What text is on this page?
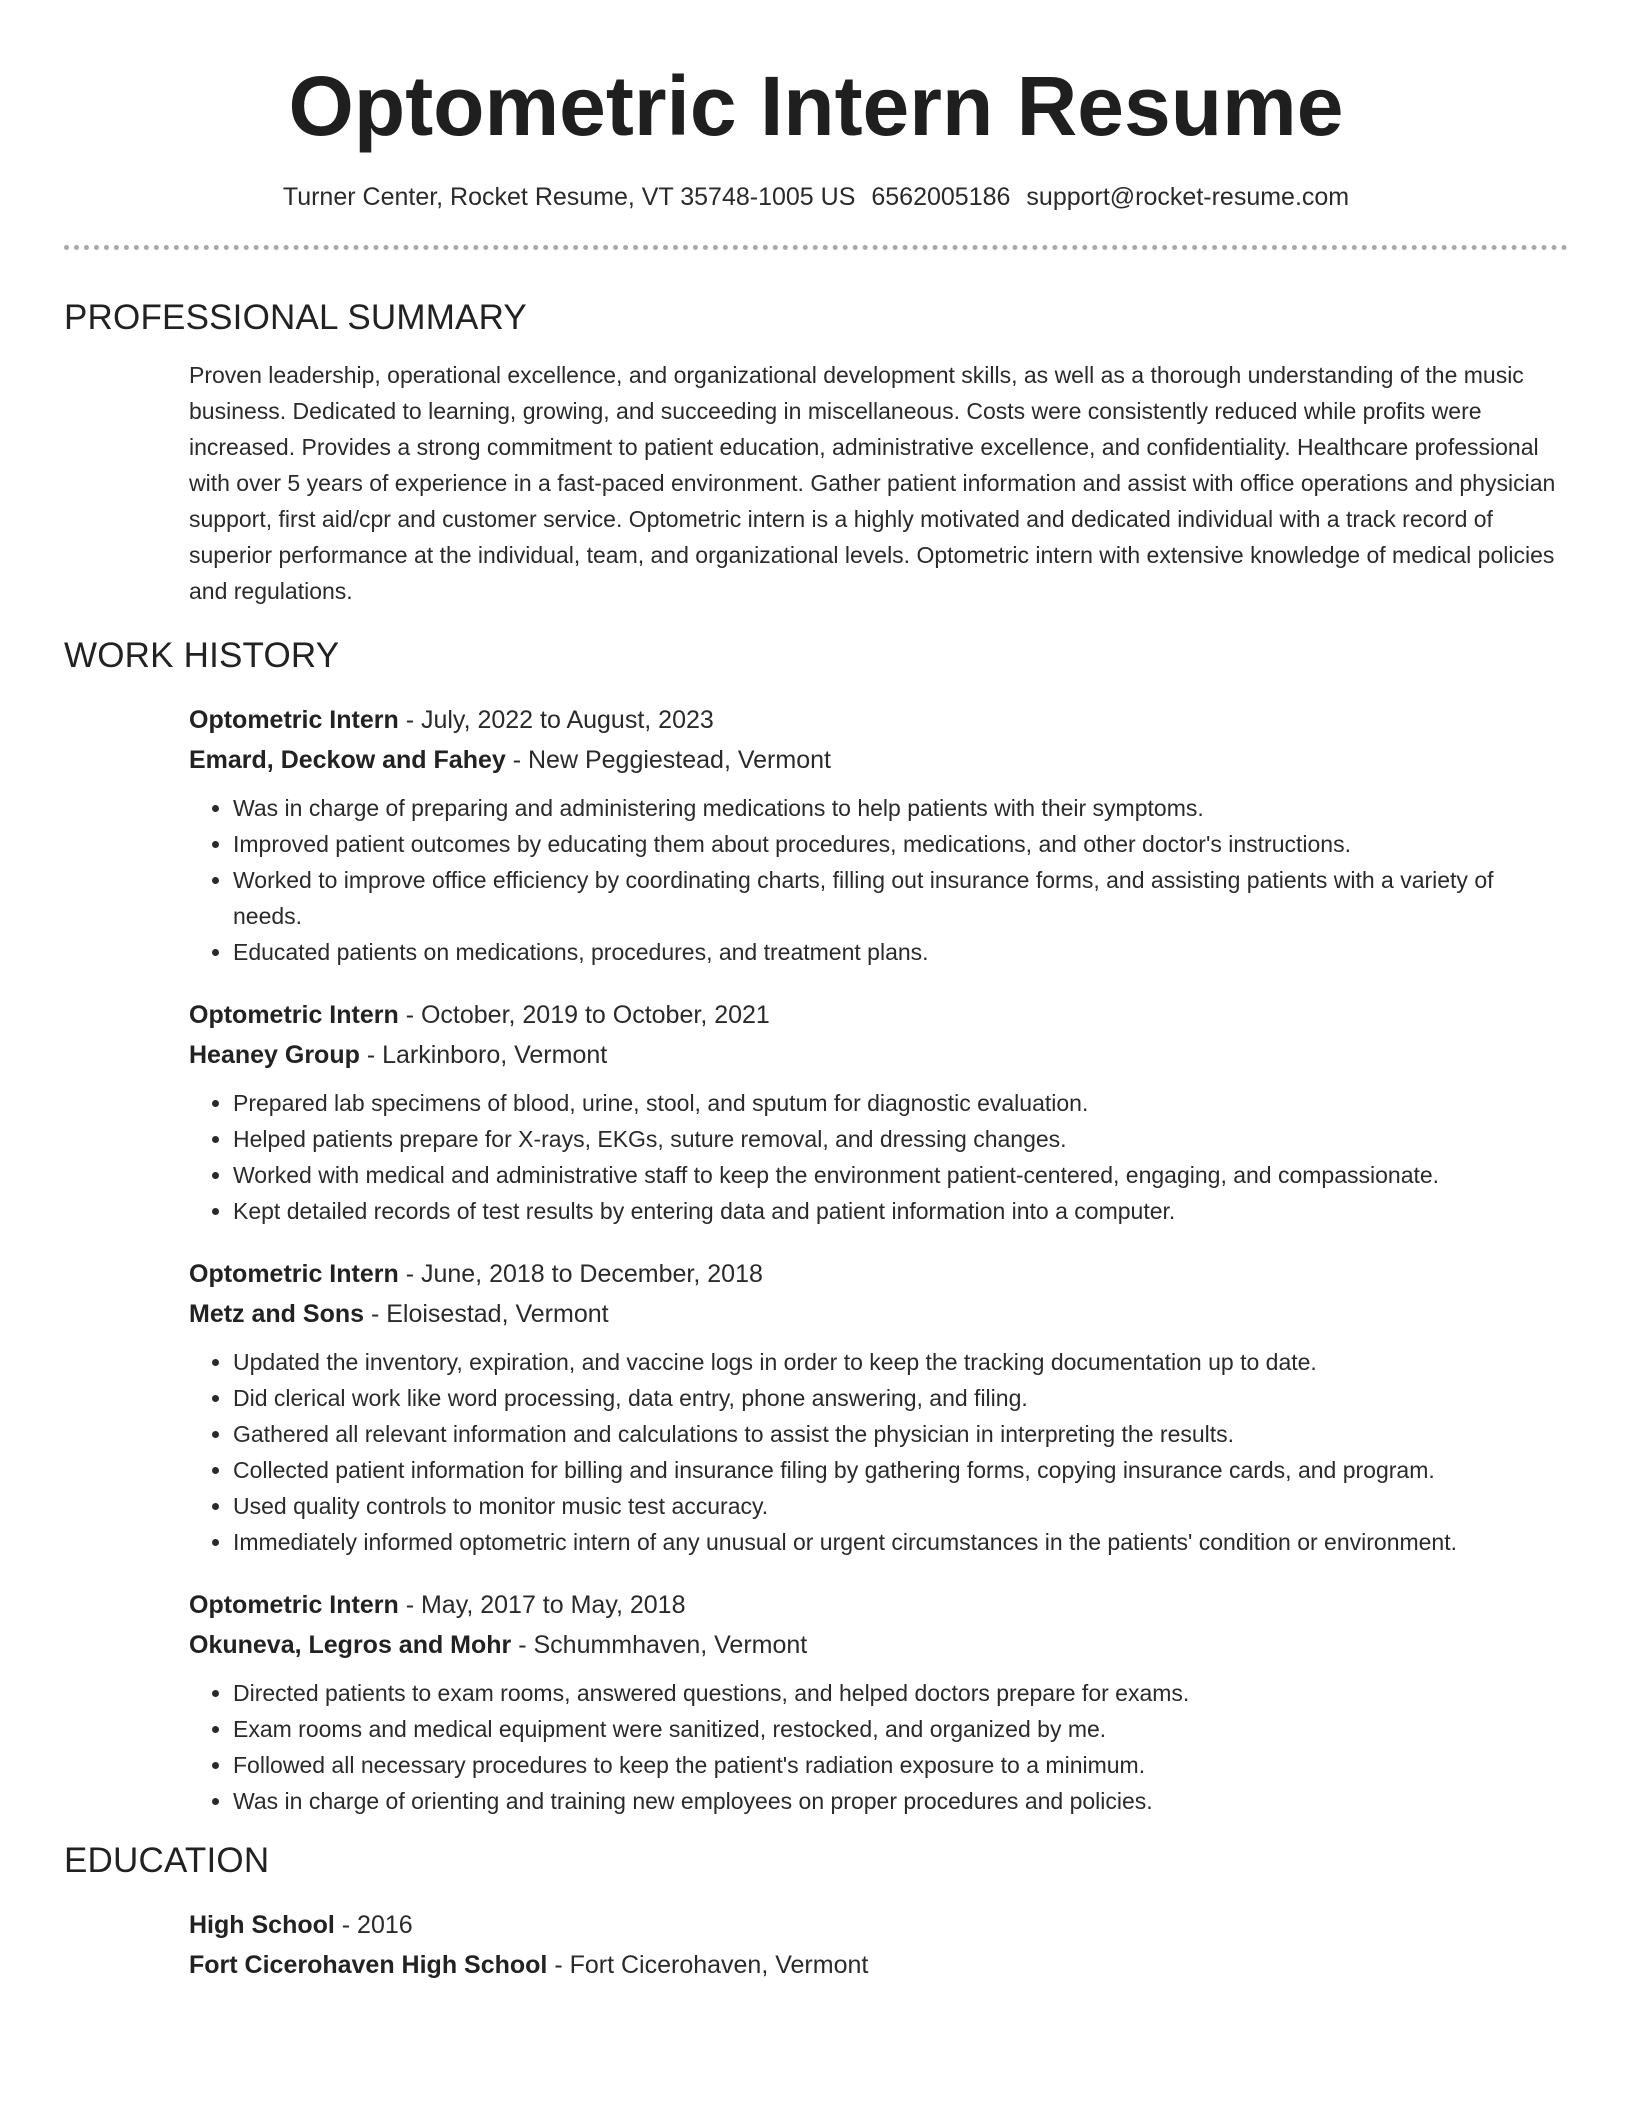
Optometric Intern Resume
Turner Center, Rocket Resume, VT 35748-1005 US 6562005186 support@rocket-resume.com
PROFESSIONAL SUMMARY

Proven leadership, operational excellence, and organizational development skills, as well as a thorough understanding of the music business. Dedicated to learning, growing, and succeeding in miscellaneous. Costs were consistently reduced while profits were increased. Provides a strong commitment to patient education, administrative excellence, and confidentiality. Healthcare professional with over 5 years of experience in a fast-paced environment. Gather patient information and assist with office operations and physician support, first aid/cpr and customer service. Optometric intern is a highly motivated and dedicated individual with a track record of superior performance at the individual, team, and organizational levels. Optometric intern with extensive knowledge of medical policies and regulations.

WORK HISTORY
Optometric Intern - July, 2022 to August, 2023
Emard, Deckow and Fahey - New Peggiestead, Vermont
• Was in charge of preparing and administering medications to help patients with their symptoms.
• Improved patient outcomes by educating them about procedures, medications, and other doctor's instructions.
• Worked to improve office efficiency by coordinating charts, filling out insurance forms, and assisting patients with a variety of needs.
• Educated patients on medications, procedures, and treatment plans.
Optometric Intern - October, 2019 to October, 2021
Heaney Group - Larkinboro, Vermont
• Prepared lab specimens of blood, urine, stool, and sputum for diagnostic evaluation.
• Helped patients prepare for X-rays, EKGs, suture removal, and dressing changes.
• Worked with medical and administrative staff to keep the environment patient-centered, engaging, and compassionate.
• Kept detailed records of test results by entering data and patient information into a computer.
Optometric Intern - June, 2018 to December, 2018
Metz and Sons - Eloisestad, Vermont
• Updated the inventory, expiration, and vaccine logs in order to keep the tracking documentation up to date.
• Did clerical work like word processing, data entry, phone answering, and filing.
• Gathered all relevant information and calculations to assist the physician in interpreting the results.
• Collected patient information for billing and insurance filing by gathering forms, copying insurance cards, and program.
• Used quality controls to monitor music test accuracy.
• Immediately informed optometric intern of any unusual or urgent circumstances in the patients' condition or environment.
Optometric Intern - May, 2017 to May, 2018
Okuneva, Legros and Mohr - Schummhaven, Vermont
• Directed patients to exam rooms, answered questions, and helped doctors prepare for exams.
• Exam rooms and medical equipment were sanitized, restocked, and organized by me.
• Followed all necessary procedures to keep the patient's radiation exposure to a minimum.
• Was in charge of orienting and training new employees on proper procedures and policies.
EDUCATION
High School - 2016
Fort Cicerohaven High School - Fort Cicerohaven, Vermont
